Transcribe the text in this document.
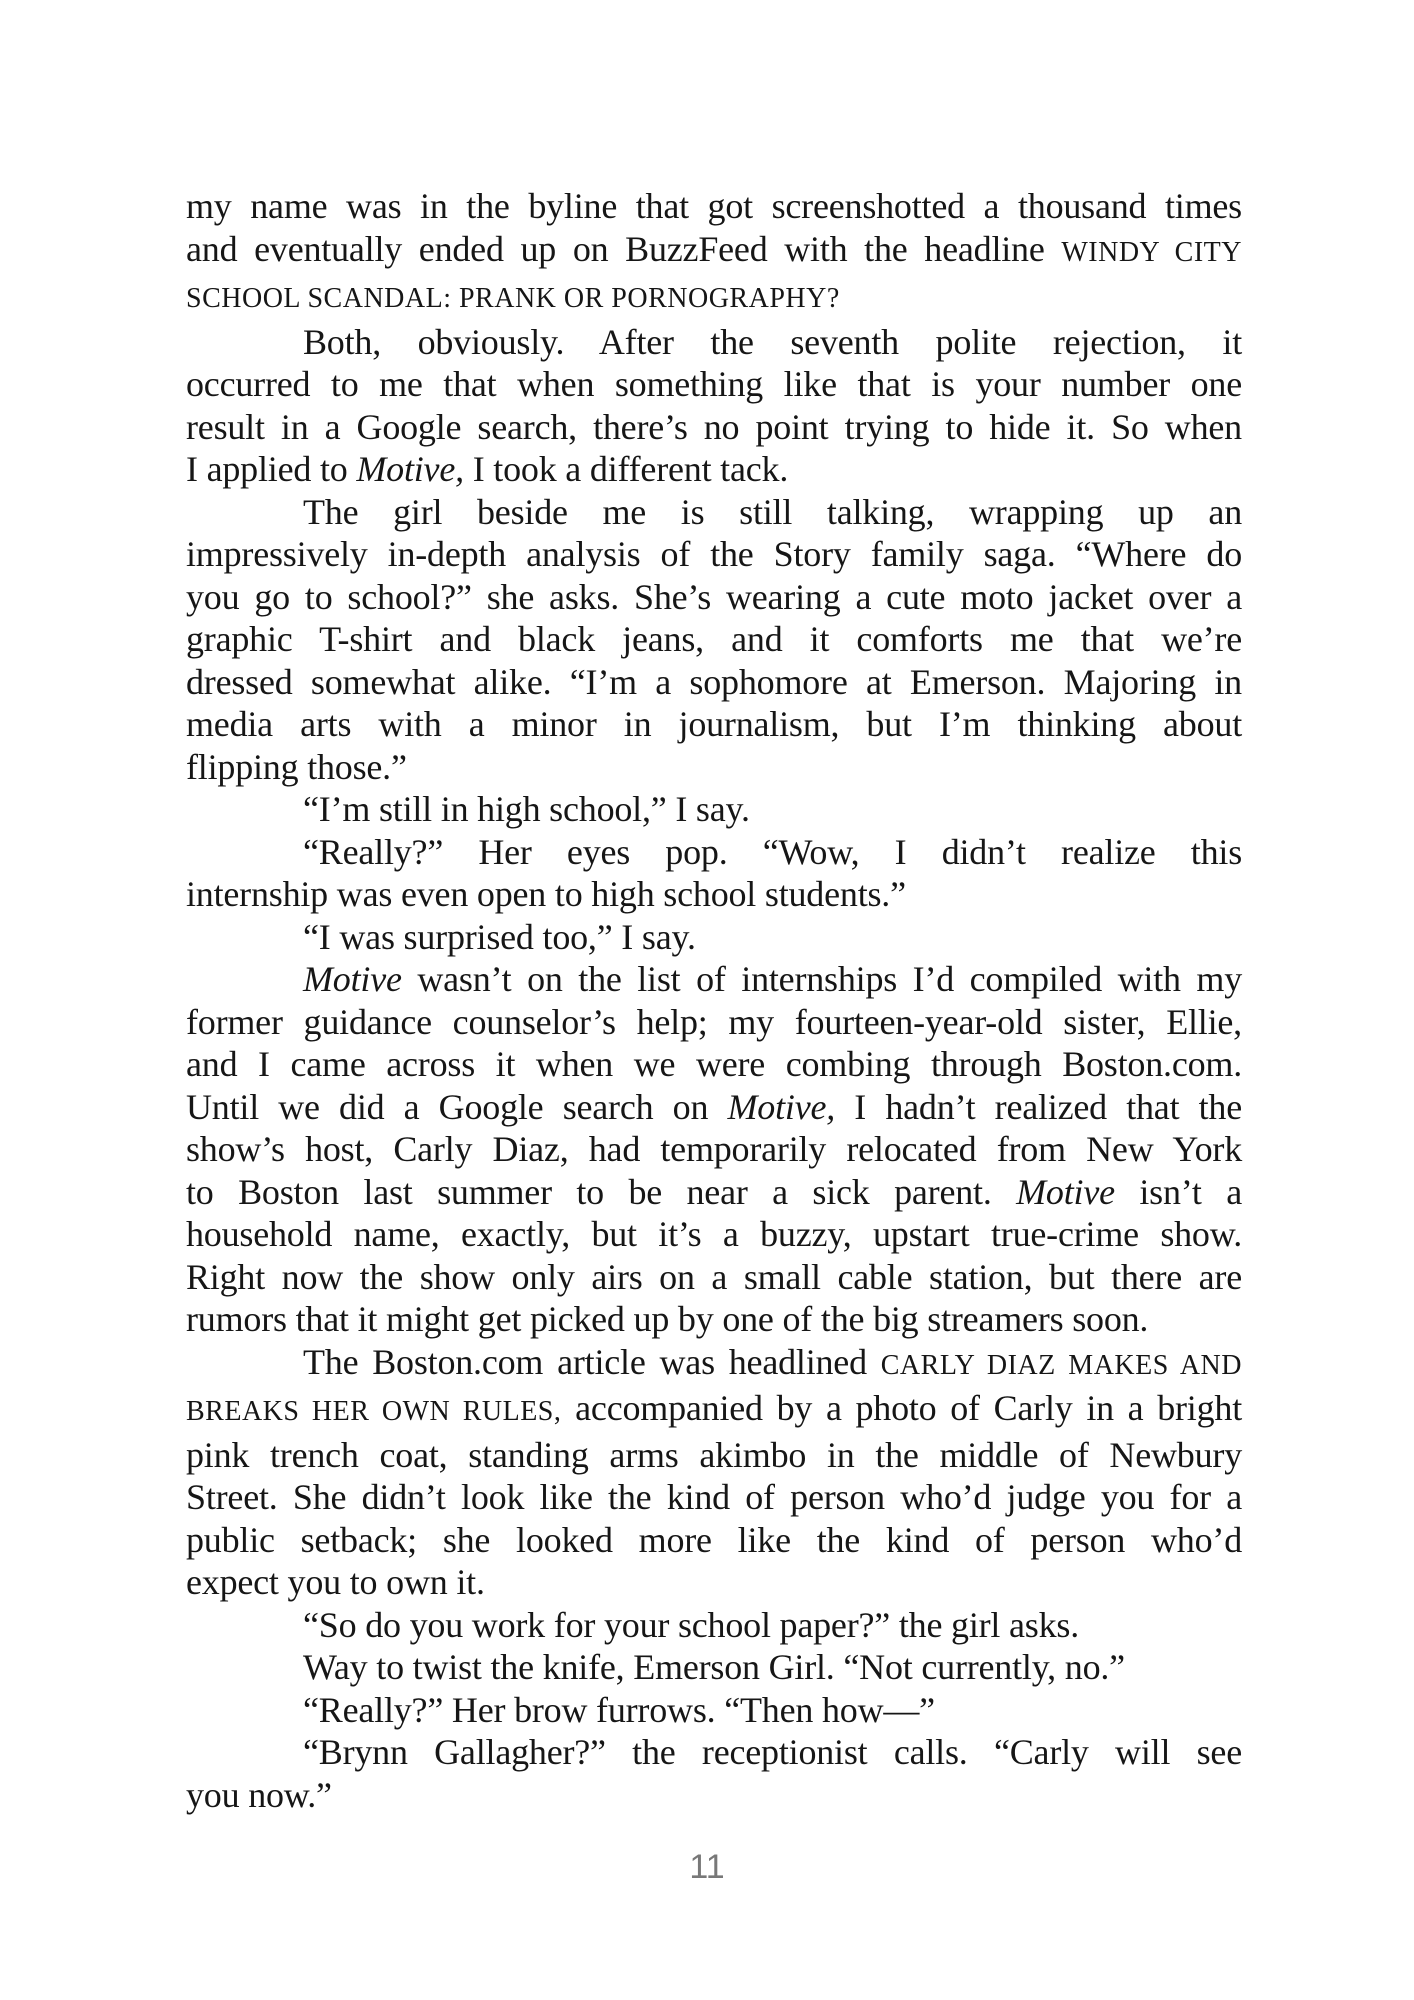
my name was in the byline that got screenshotted a thousand times
and eventually ended up on BuzzFeed with the headline WINDY CITY
SCHOOL SCANDAL: PRANK OR PORNOGRAPHY?
Both, obviously. After the seventh polite rejection, it
occurred to me that when something like that is your number one
result in a Google search, there’s no point trying to hide it. So when
I applied to Motive, I took a different tack.
The girl beside me is still talking, wrapping up an
impressively in-depth analysis of the Story family saga. “Where do
you go to school?” she asks. She’s wearing a cute moto jacket over a
graphic T-shirt and black jeans, and it comforts me that we’re
dressed somewhat alike. “I’m a sophomore at Emerson. Majoring in
media arts with a minor in journalism, but I’m thinking about
flipping those.”
“I’m still in high school,” I say.
“Really?” Her eyes pop. “Wow, I didn’t realize this
internship was even open to high school students.”
“I was surprised too,” I say.
Motive wasn’t on the list of internships I’d compiled with my
former guidance counselor’s help; my fourteen-year-old sister, Ellie,
and I came across it when we were combing through Boston.com.
Until we did a Google search on Motive, I hadn’t realized that the
show’s host, Carly Diaz, had temporarily relocated from New York
to Boston last summer to be near a sick parent. Motive isn’t a
household name, exactly, but it’s a buzzy, upstart true-crime show.
Right now the show only airs on a small cable station, but there are
rumors that it might get picked up by one of the big streamers soon.
The Boston.com article was headlined CARLY DIAZ MAKES AND
BREAKS HER OWN RULES, accompanied by a photo of Carly in a bright
pink trench coat, standing arms akimbo in the middle of Newbury
Street. She didn’t look like the kind of person who’d judge you for a
public setback; she looked more like the kind of person who’d
expect you to own it.
“So do you work for your school paper?” the girl asks.
Way to twist the knife, Emerson Girl. “Not currently, no.”
“Really?” Her brow furrows. “Then how—”
“Brynn Gallagher?” the receptionist calls. “Carly will see
you now.”
11
